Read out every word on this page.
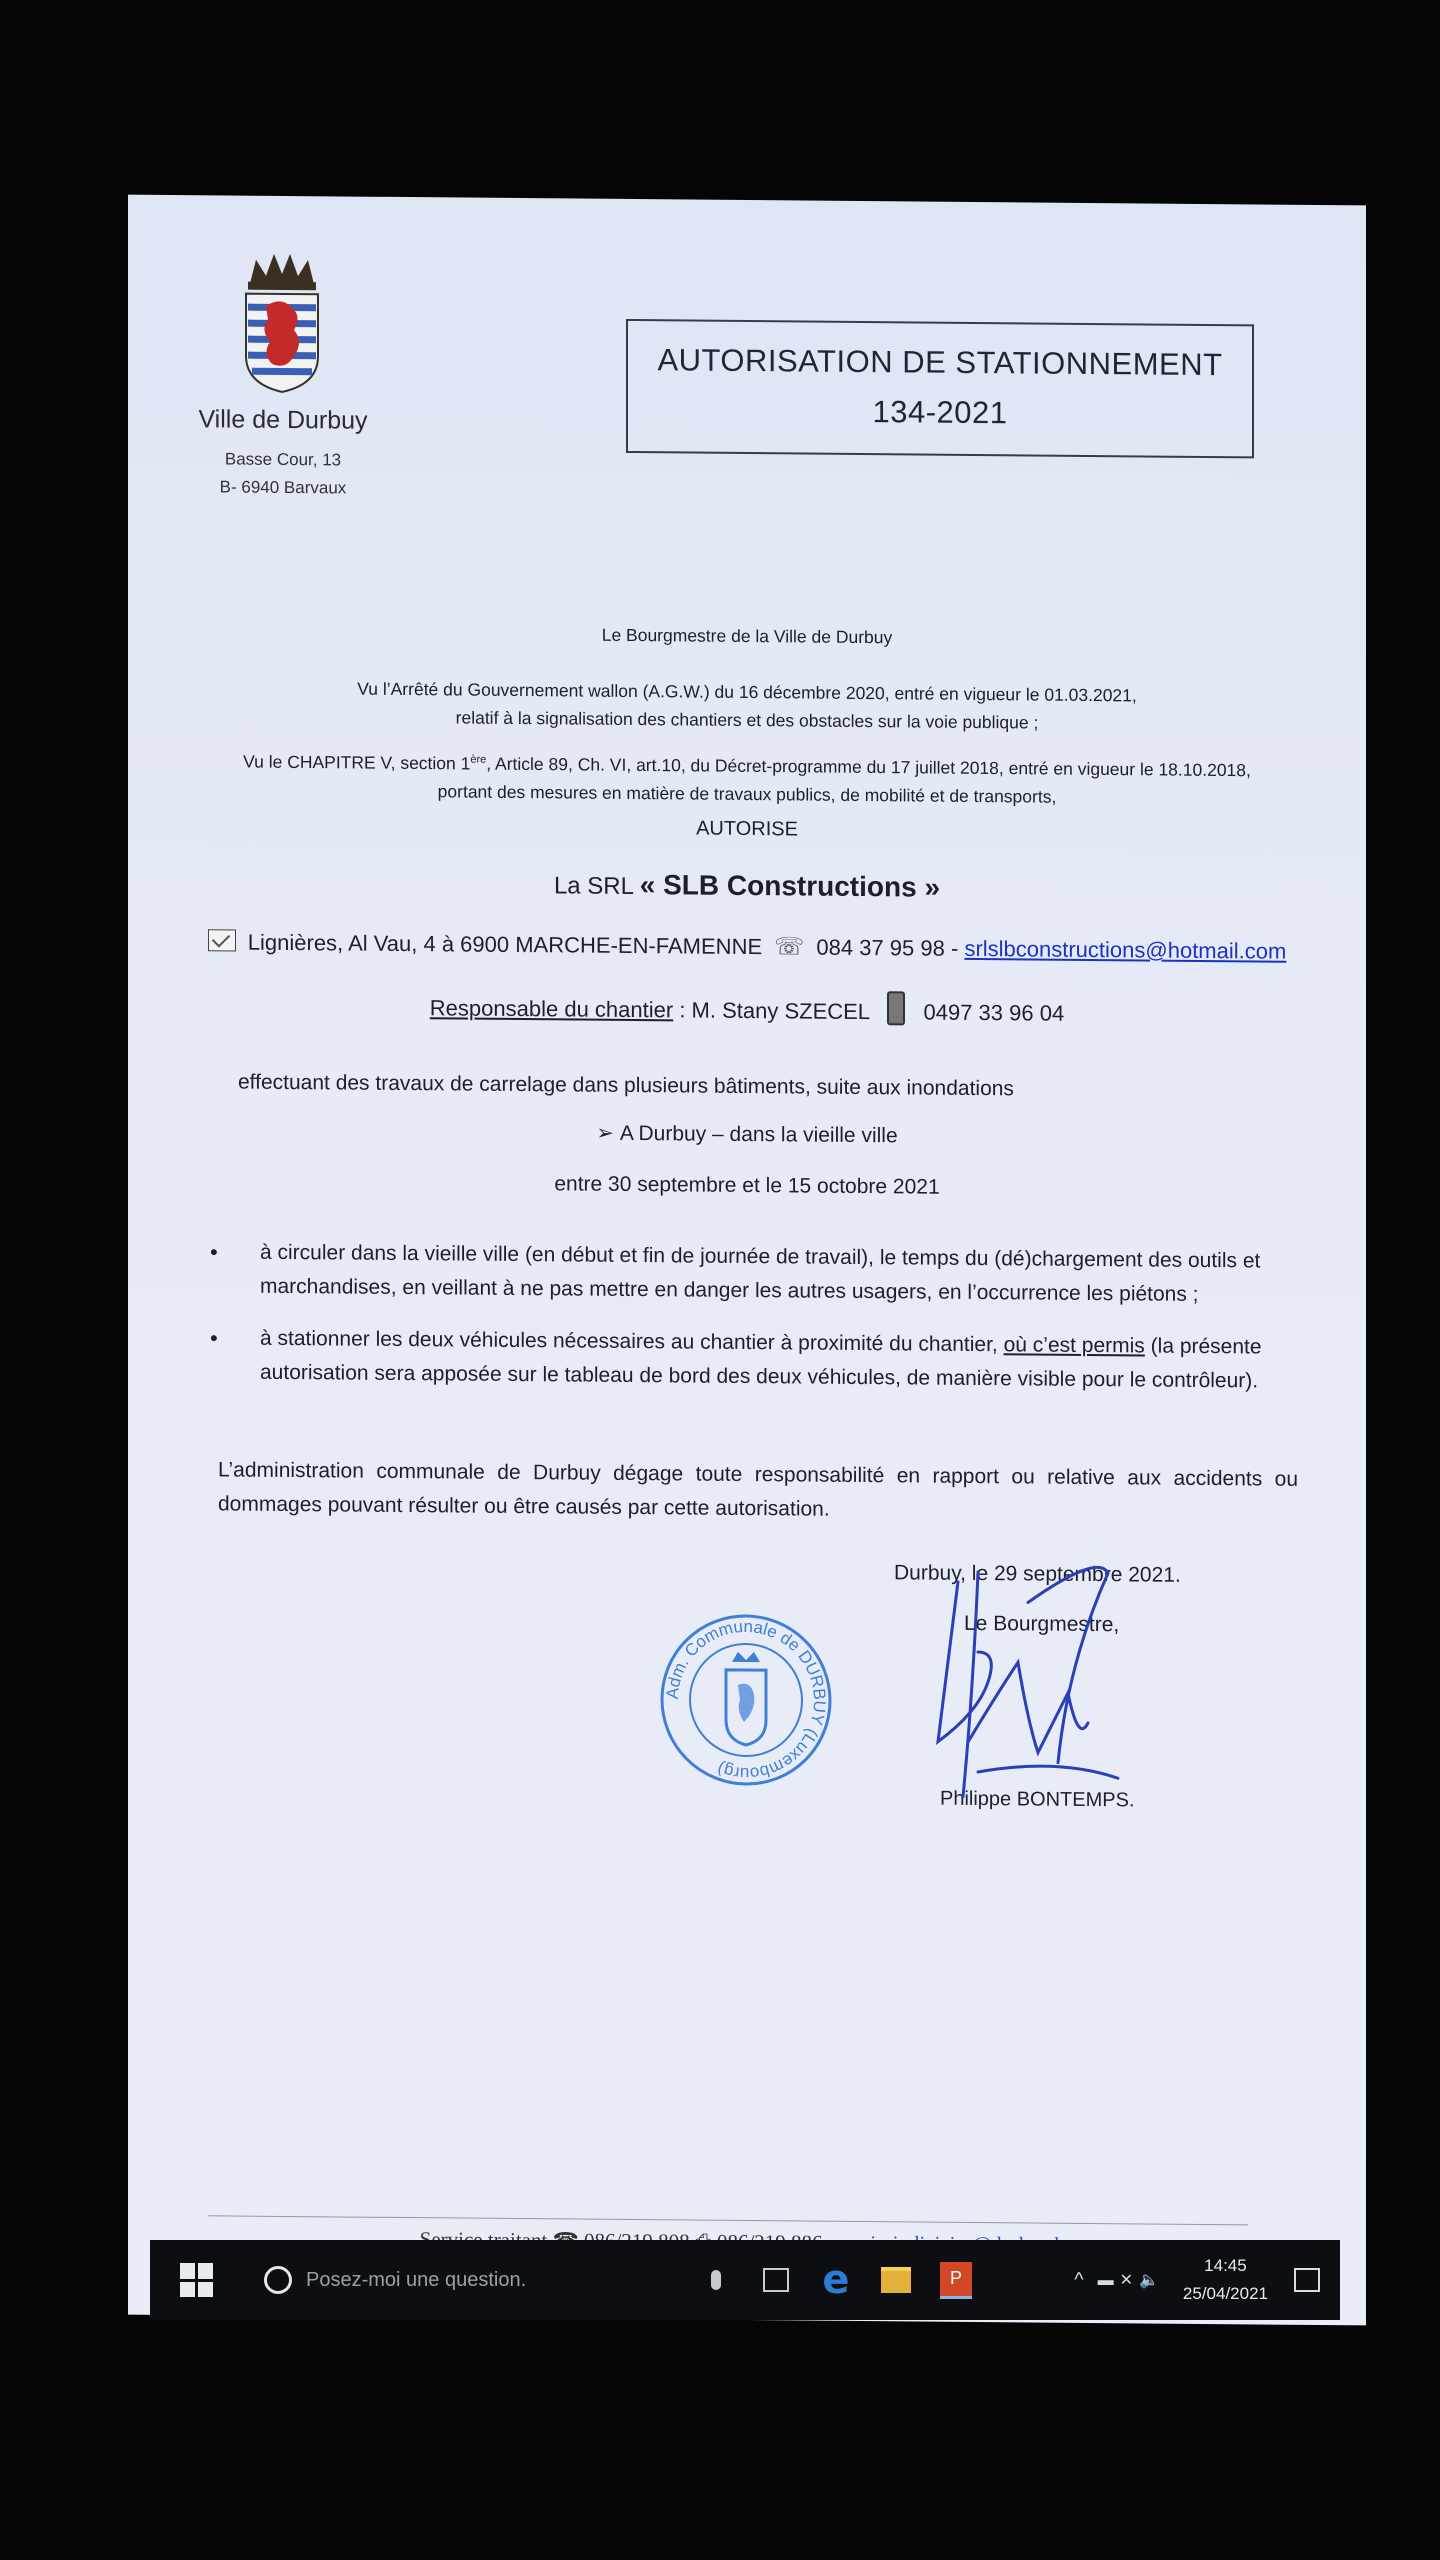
Ville de Durbuy
Basse Cour, 13
B- 6940 Barvaux
AUTORISATION DE STATIONNEMENT
134-2021
Le Bourgmestre de la Ville de Durbuy
Vu l’Arrêté du Gouvernement wallon (A.G.W.) du 16 décembre 2020, entré en vigueur le 01.03.2021,
relatif à la signalisation des chantiers et des obstacles sur la voie publique ;
Vu le CHAPITRE V, section 1ère, Article 89, Ch. VI, art.10, du Décret-programme du 17 juillet 2018, entré en vigueur le 18.10.2018,
portant des mesures en matière de travaux publics, de mobilité et de transports,
AUTORISE
La SRL « SLB Constructions »
Lignières, Al Vau, 4 à 6900 MARCHE-EN-FAMENNE ☏ 084 37 95 98 - srlslbconstructions@hotmail.com
Responsable du chantier : M. Stany SZECEL 0497 33 96 04
effectuant des travaux de carrelage dans plusieurs bâtiments, suite aux inondations
➢ A Durbuy – dans la vieille ville
entre 30 septembre et le 15 octobre 2021
• à circuler dans la vieille ville (en début et fin de journée de travail), le temps du (dé)chargement des outils et marchandises, en veillant à ne pas mettre en danger les autres usagers, en l’occurrence les piétons ;
• à stationner les deux véhicules nécessaires au chantier à proximité du chantier, où c’est permis (la présente autorisation sera apposée sur le tableau de bord des deux véhicules, de manière visible pour le contrôleur).
L’administration communale de Durbuy dégage toute responsabilité en rapport ou relative aux accidents ou dommages pouvant résulter ou être causés par cette autorisation.
Durbuy, le 29 septembre 2021.
Le Bourgmestre,
Philippe BONTEMPS.
Adm. Communale de DURBUY (Luxembourg)
Posez-moi une question.	e	P	^ ▬✕🔈
14:45
25/04/2021
